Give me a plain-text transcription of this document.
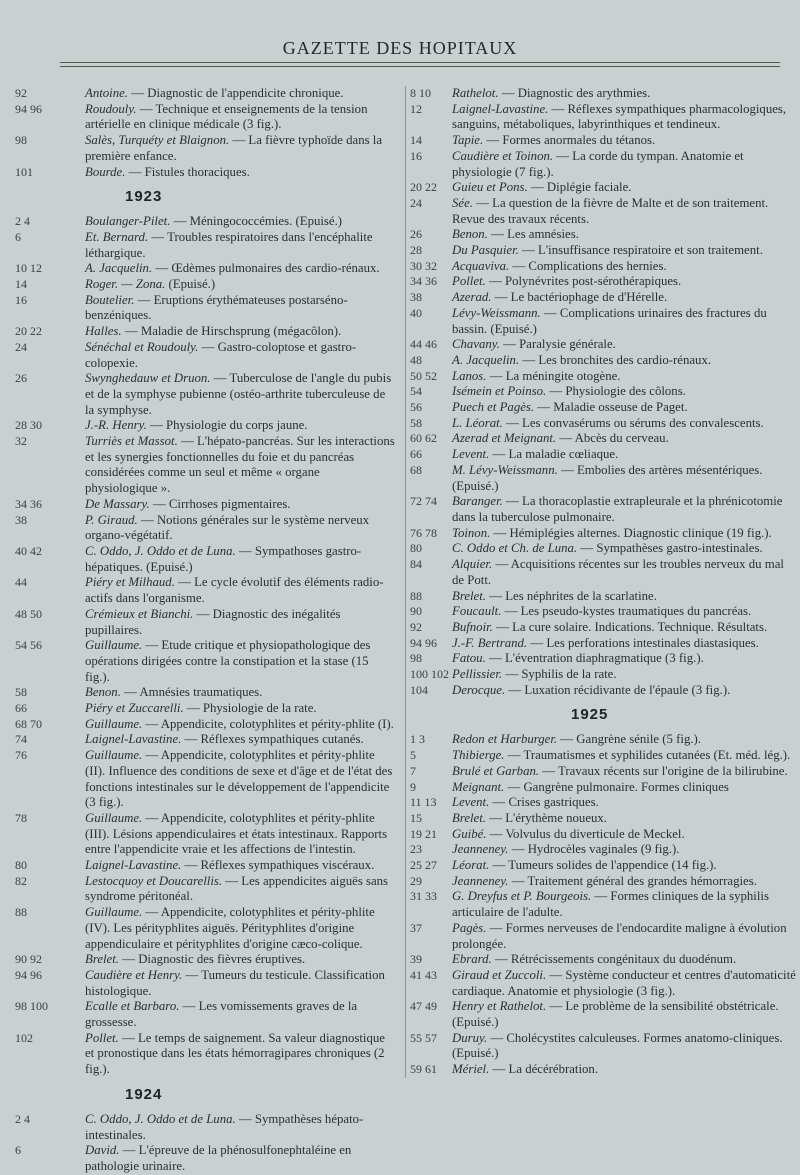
GAZETTE DES HOPITAUX
92	Antoine. — Diagnostic de l'appendicite chronique.
94 96	Roudouly. — Technique et enseignements de la tension artérielle en clinique médicale (3 fig.).
98	Salès, Turquéty et Blaignon. — La fièvre typhoïde dans la première enfance.
101	Bourde. — Fistules thoraciques.
1923
2 4	Boulanger-Pilet. — Méningococcémies. (Epuisé.)
6	Et. Bernard. — Troubles respiratoires dans l'encéphalite léthargique.
10 12	A. Jacquelin. — Œdèmes pulmonaires des cardio-rénaux.
14	Roger. — Zona. (Epuisé.)
16	Boutelier. — Eruptions érythémateuses postarséno-benzéniques.
20 22	Halles. — Maladie de Hirschsprung (mégacôlon).
24	Sénéchal et Roudouly. — Gastro-coloptose et gastro-colopexie.
26	Swynghedauw et Druon. — Tuberculose de l'angle du pubis et de la symphyse pubienne (ostéo-arthrite tuberculeuse de la symphyse.
28 30	J.-R. Henry. — Physiologie du corps jaune.
32	Turriès et Massot. — L'hépato-pancréas. Sur les interactions et les synergies fonctionnelles du foie et du pancréas considérées comme un seul et même « organe physiologique ».
34 36	De Massary. — Cirrhoses pigmentaires.
38	P. Giraud. — Notions générales sur le système nerveux organo-végétatif.
40 42	C. Oddo, J. Oddo et de Luna. — Sympathoses gastro-hépatiques. (Epuisé.)
44	Piéry et Milhaud. — Le cycle évolutif des éléments radio-actifs dans l'organisme.
48 50	Crémieux et Bianchi. — Diagnostic des inégalités pupillaires.
54 56	Guillaume. — Etude critique et physiopathologique des opérations dirigées contre la constipation et la stase (15 fig.).
58	Benon. — Amnésies traumatiques.
66	Piéry et Zuccarelli. — Physiologie de la rate.
68 70	Guillaume. — Appendicite, colotyphlites et périty-phlite (I).
74	Laignel-Lavastine. — Réflexes sympathiques cutanés.
76	Guillaume. — Appendicite, colotyphlites et périty-phlite (II). Influence des conditions de sexe et d'âge et de l'état des fonctions intestinales sur le développement de l'appendicite (3 fig.).
78	Guillaume. — Appendicite, colotyphlites et périty-phlite (III). Lésions appendiculaires et états intestinaux. Rapports entre l'appendicite vraie et les affections de l'intestin.
80	Laignel-Lavastine. — Réflexes sympathiques viscéraux.
82	Lestocquoy et Doucarellis. — Les appendicites aiguës sans syndrome péritonéal.
88	Guillaume. — Appendicite, colotyphlites et périty-phlite (IV). Les pérityphlites aiguës. Pérityphlites d'origine appendiculaire et pérityphlites d'origine cæco-colique.
90 92	Brelet. — Diagnostic des fièvres éruptives.
94 96	Caudière et Henry. — Tumeurs du testicule. Classification histologique.
98 100	Ecalle et Barbaro. — Les vomissements graves de la grossesse.
102	Pollet. — Le temps de saignement. Sa valeur diagnostique et pronostique dans les états hémorragipares chroniques (2 fig.).
1924
2 4	C. Oddo, J. Oddo et de Luna. — Sympathèses hépato-intestinales.
6	David. — L'épreuve de la phénosulfonephtaléine en pathologie urinaire.
8 10	Rathelot. — Diagnostic des arythmies.
12	Laignel-Lavastine. — Réflexes sympathiques pharmacologiques, sanguins, métaboliques, labyrinthiques et tendineux.
14	Tapie. — Formes anormales du tétanos.
16	Caudière et Toinon. — La corde du tympan. Anatomie et physiologie (7 fig.).
20 22	Guieu et Pons. — Diplégie faciale.
24	Sée. — La question de la fièvre de Malte et de son traitement. Revue des travaux récents.
26	Benon. — Les amnésies.
28	Du Pasquier. — L'insuffisance respiratoire et son traitement.
30 32	Acquaviva. — Complications des hernies.
34 36	Pollet. — Polynévrites post-sérothérapiques.
38	Azerad. — Le bactériophage de d'Hérelle.
40	Lévy-Weissmann. — Complications urinaires des fractures du bassin. (Epuisé.)
44 46	Chavany. — Paralysie générale.
48	A. Jacquelin. — Les bronchites des cardio-rénaux.
50 52	Lanos. — La méningite otogène.
54	Isémein et Poinso. — Physiologie des côlons.
56	Puech et Pagès. — Maladie osseuse de Paget.
58	L. Léorat. — Les convasérums ou sérums des convalescents.
60 62	Azerad et Meignant. — Abcès du cerveau.
66	Levent. — La maladie cœliaque.
68	M. Lévy-Weissmann. — Embolies des artères mésentériques. (Epuisé.)
72 74	Baranger. — La thoracoplastie extrapleurale et la phrénicotomie dans la tuberculose pulmonaire.
76 78	Toinon. — Hémiplégies alternes. Diagnostic clinique (19 fig.).
80	C. Oddo et Ch. de Luna. — Sympathèses gastro-intestinales.
84	Alquier. — Acquisitions récentes sur les troubles nerveux du mal de Pott.
88	Brelet. — Les néphrites de la scarlatine.
90	Foucault. — Les pseudo-kystes traumatiques du pancréas.
92	Bufnoir. — La cure solaire. Indications. Technique. Résultats.
94 96	J.-F. Bertrand. — Les perforations intestinales diastasiques.
98	Fatou. — L'éventration diaphragmatique (3 fig.).
100 102 Pellissier. — Syphilis de la rate.
104	Derocque. — Luxation récidivante de l'épaule (3 fig.).
1925
1 3	Redon et Harburger. — Gangrène sénile (5 fig.).
5	Thibierge. — Traumatismes et syphilides cutanées (Et. méd. lég.).
7	Brulé et Garban. — Travaux récents sur l'origine de la bilirubine.
9	Meignant. — Gangrène pulmonaire. Formes cliniques
11 13	Levent. — Crises gastriques.
15	Brelet. — L'érythème noueux.
19 21	Guibé. — Volvulus du diverticule de Meckel.
23	Jeanneney. — Hydrocèles vaginales (9 fig.).
25 27	Léorat. — Tumeurs solides de l'appendice (14 fig.).
29	Jeanneney. — Traitement général des grandes hémorragies.
31 33	G. Dreyfus et P. Bourgeois. — Formes cliniques de la syphilis articulaire de l'adulte.
37	Pagès. — Formes nerveuses de l'endocardite maligne à évolution prolongée.
39	Ebrard. — Rétrécissements congénitaux du duodénum.
41 43	Giraud et Zuccoli. — Système conducteur et centres d'automaticité cardiaque. Anatomie et physiologie (3 fig.).
47 49	Henry et Rathelot. — Le problème de la sensibilité obstétricale. (Epuisé.)
55 57	Duruy. — Cholécystites calculeuses. Formes anatomo-cliniques. (Epuisé.)
59 61	Mériel. — La décérébration.
